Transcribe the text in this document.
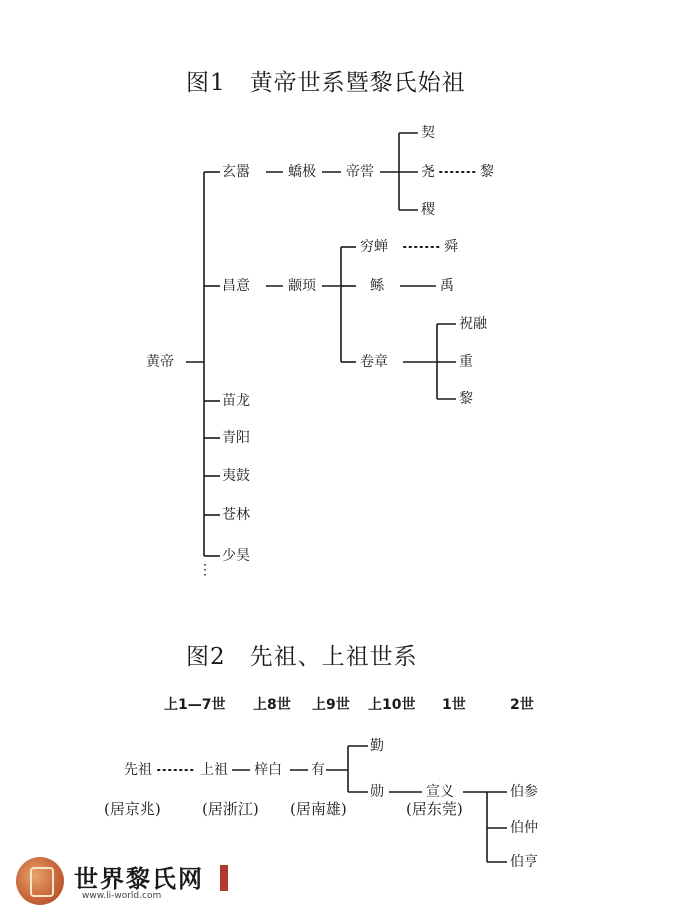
图1　黄帝世系暨黎氏始祖
黄帝
玄嚣
昌意
苗龙
青阳
夷鼓
苍林
少昊
⋮
蟜极 帝喾
契
尧
稷
黎
颛顼
穷蝉
鲧
卷章
舜
禹
祝融
重
黎
图2　先祖、上祖世系
上1—7世 上8世 上9世 上10世 1世	2世
先祖	上祖 梓白 有
勤
勋	宣义	伯参
伯仲
伯亨
(居京兆)	(居浙江) (居南雄)	(居东莞)
世界黎氏网
www.li-world.com
